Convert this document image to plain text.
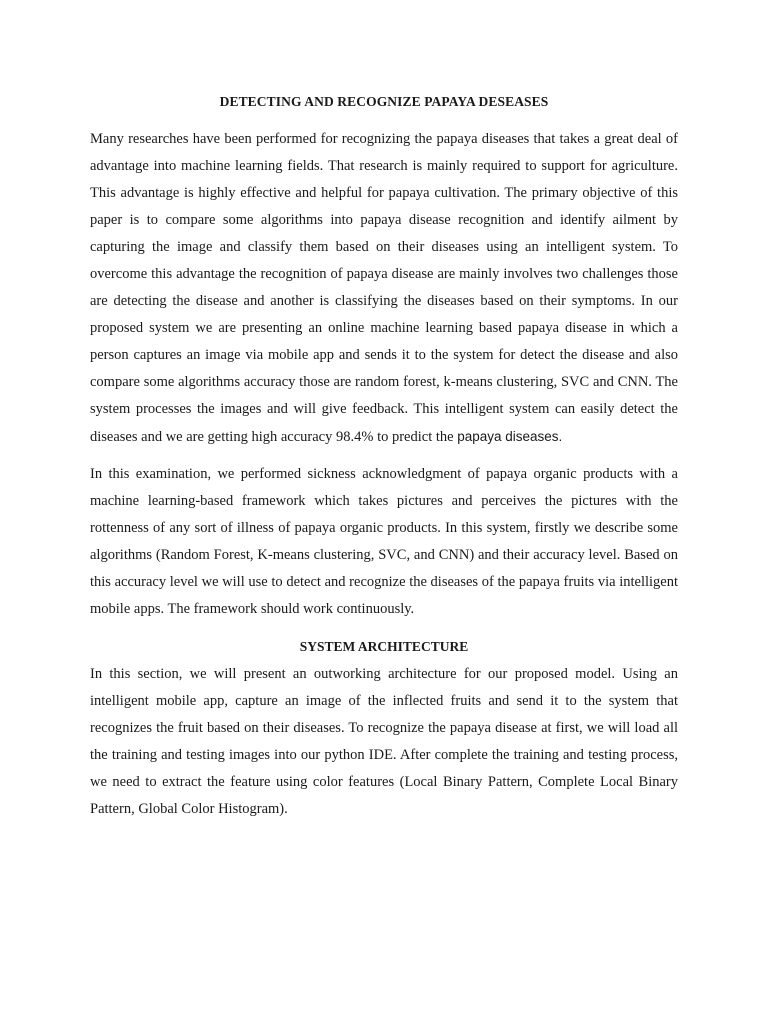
DETECTING AND RECOGNIZE PAPAYA DESEASES

Many researches have been performed for recognizing the papaya diseases that takes a great deal of advantage into machine learning fields. That research is mainly required to support for agriculture. This advantage is highly effective and helpful for papaya cultivation. The primary objective of this paper is to compare some algorithms into papaya disease recognition and identify ailment by capturing the image and classify them based on their diseases using an intelligent system. To overcome this advantage the recognition of papaya disease are mainly involves two challenges those are detecting the disease and another is classifying the diseases based on their symptoms. In our proposed system we are presenting an online machine learning based papaya disease in which a person captures an image via mobile app and sends it to the system for detect the disease and also compare some algorithms accuracy those are random forest, k-means clustering, SVC and CNN. The system processes the images and will give feedback. This intelligent system can easily detect the diseases and we are getting high accuracy 98.4% to predict the papaya diseases.

In this examination, we performed sickness acknowledgment of papaya organic products with a machine learning-based framework which takes pictures and perceives the pictures with the rottenness of any sort of illness of papaya organic products. In this system, firstly we describe some algorithms (Random Forest, K-means clustering, SVC, and CNN) and their accuracy level. Based on this accuracy level we will use to detect and recognize the diseases of the papaya fruits via intelligent mobile apps. The framework should work continuously.

SYSTEM ARCHITECTURE

In this section, we will present an outworking architecture for our proposed model. Using an intelligent mobile app, capture an image of the inflected fruits and send it to the system that recognizes the fruit based on their diseases. To recognize the papaya disease at first, we will load all the training and testing images into our python IDE. After complete the training and testing process, we need to extract the feature using color features (Local Binary Pattern, Complete Local Binary Pattern, Global Color Histogram).
